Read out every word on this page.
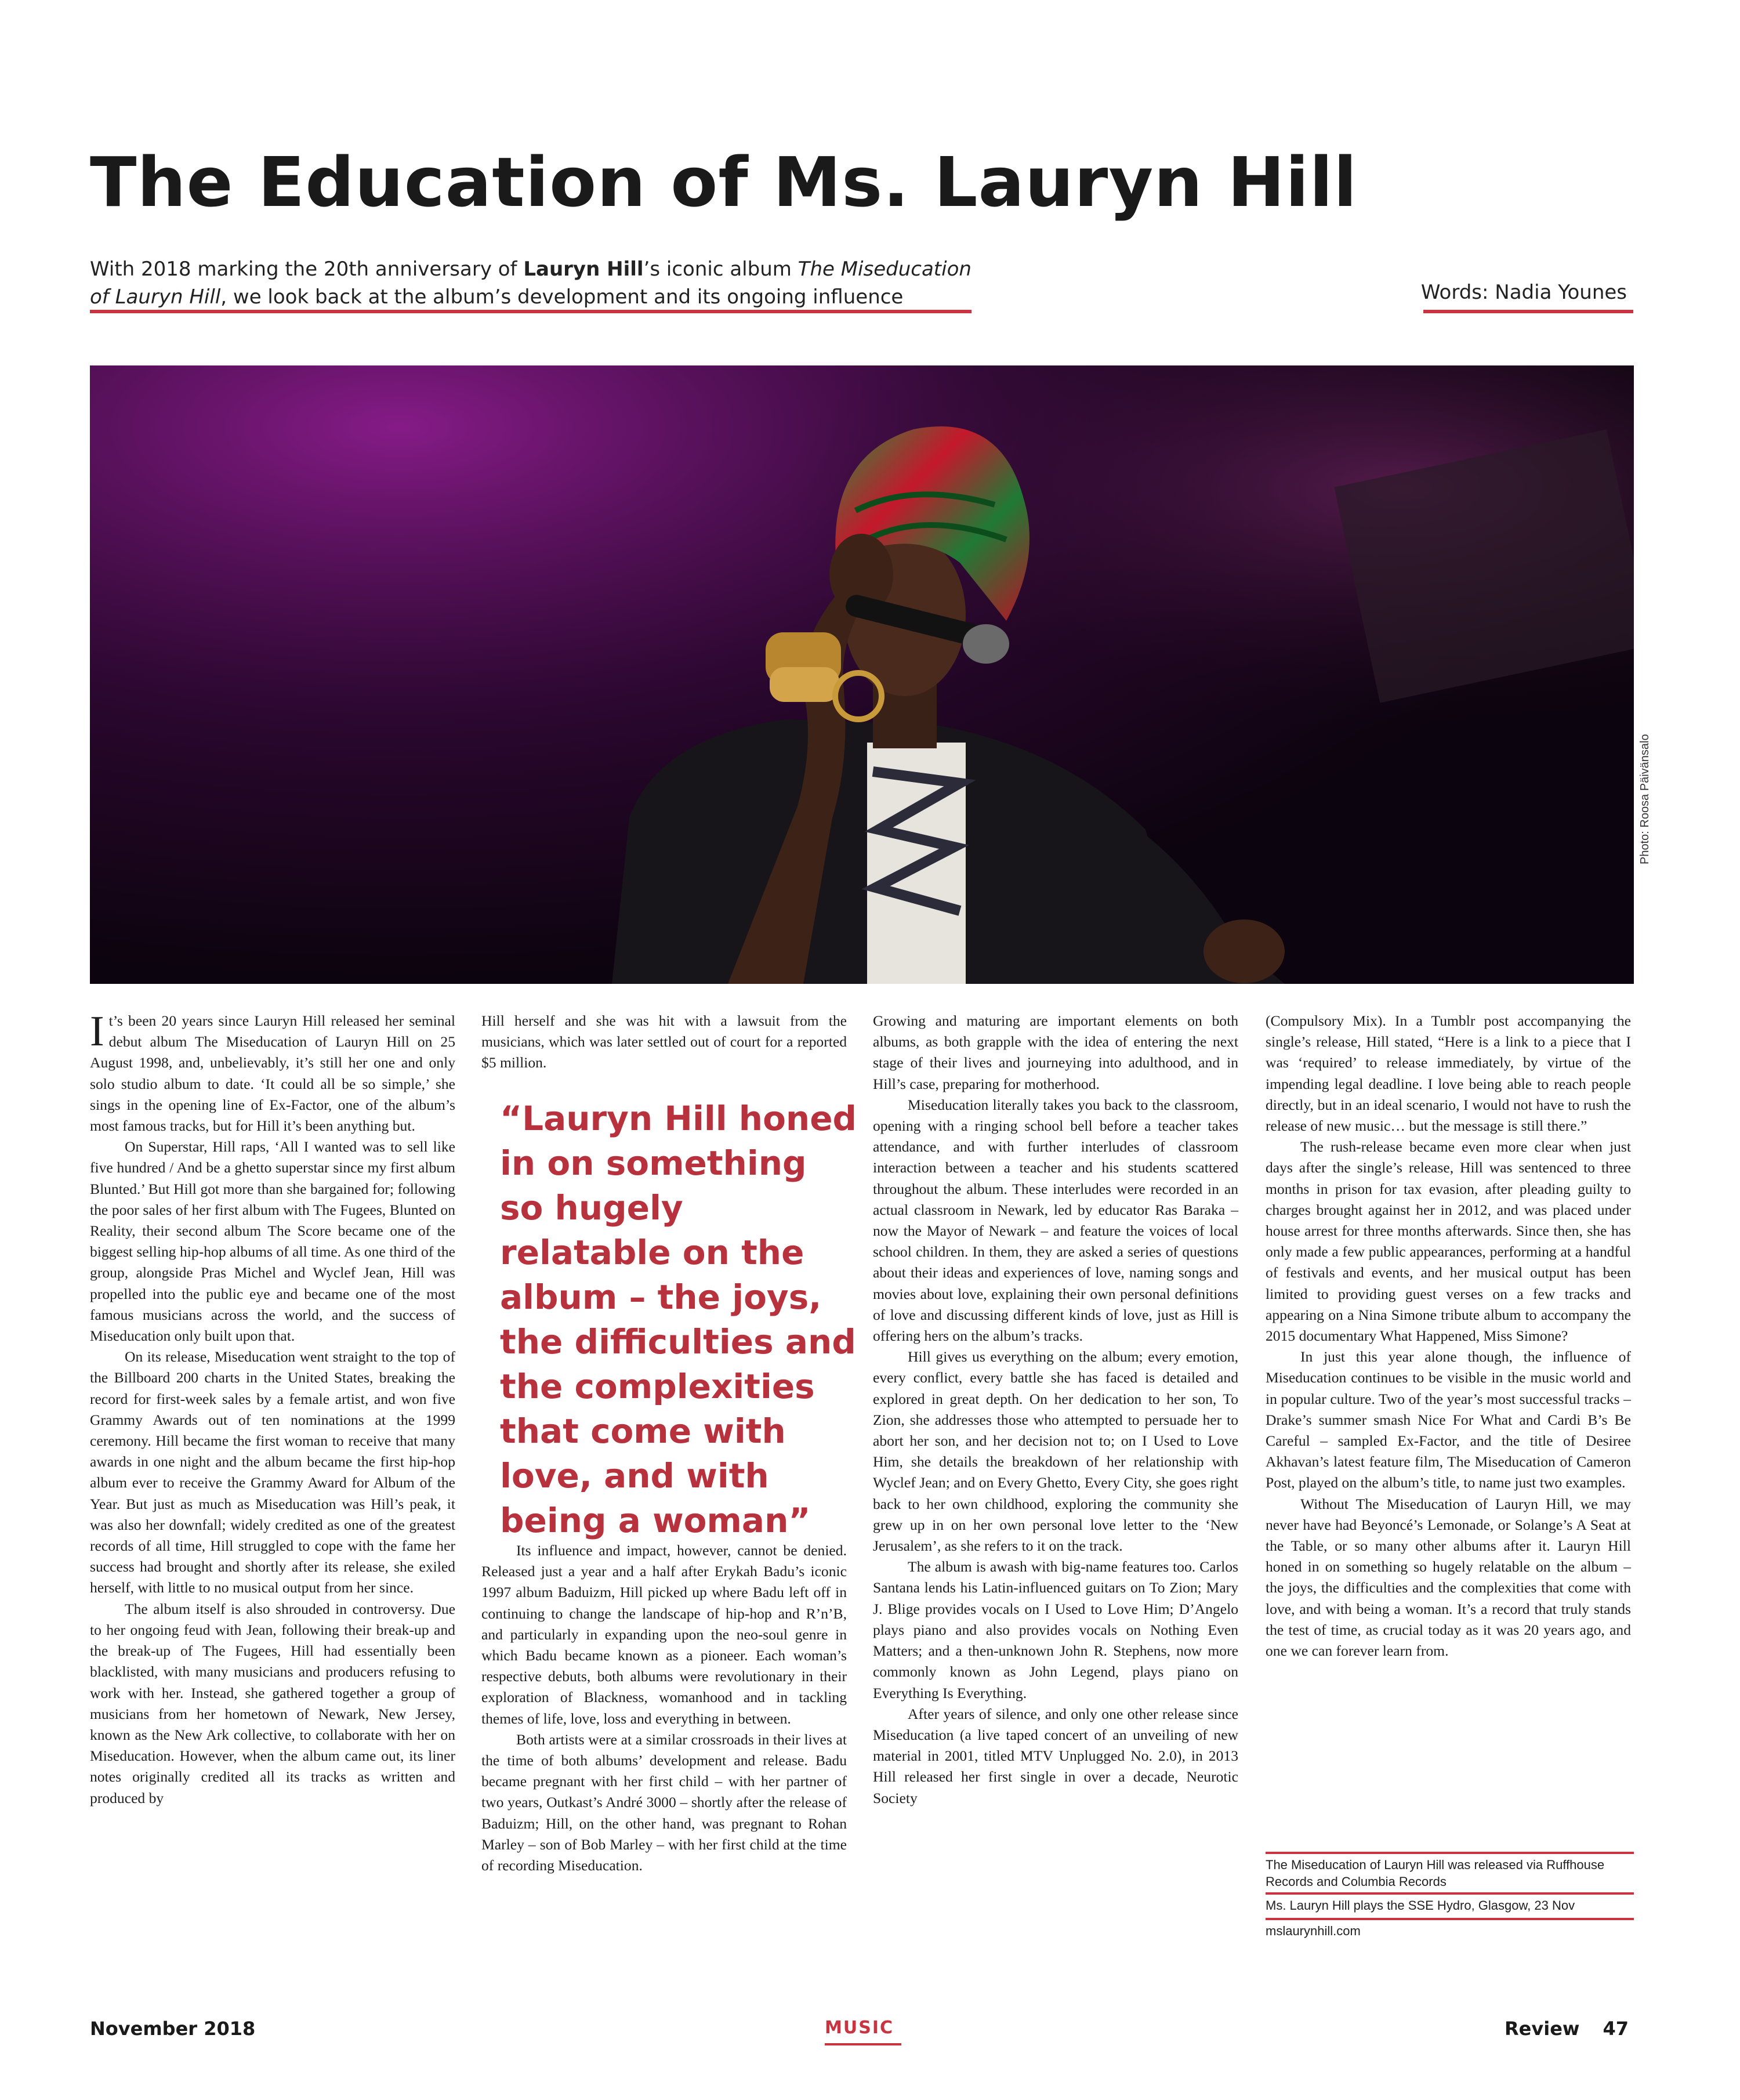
The Education of Ms. Lauryn Hill

With 2018 marking the 20th anniversary of Lauryn Hill’s iconic album The Miseducation of Lauryn Hill, we look back at the album’s development and its ongoing influence	Words: Nadia Younes
Photo: Roosa Päivänsalo

It’s been 20 years since Lauryn Hill released her seminal debut album The Miseducation of Lauryn Hill on 25 August 1998, and, unbelievably, it’s still her one and only solo studio album to date. ‘It could all be so simple,’ she sings in the opening line of Ex-Factor, one of the album’s most famous tracks, but for Hill it’s been anything but.

On Superstar, Hill raps, ‘All I wanted was to sell like five hundred / And be a ghetto superstar since my first album Blunted.’ But Hill got more than she bargained for; following the poor sales of her first album with The Fugees, Blunted on Reality, their second album The Score became one of the biggest selling hip-hop albums of all time. As one third of the group, alongside Pras Michel and Wyclef Jean, Hill was propelled into the public eye and became one of the most famous musicians across the world, and the success of Miseducation only built upon that.

On its release, Miseducation went straight to the top of the Billboard 200 charts in the United States, breaking the record for first-week sales by a female artist, and won five Grammy Awards out of ten nominations at the 1999 ceremony. Hill became the first woman to receive that many awards in one night and the album became the first hip-hop album ever to receive the Grammy Award for Album of the Year. But just as much as Miseducation was Hill’s peak, it was also her downfall; widely credited as one of the greatest records of all time, Hill struggled to cope with the fame her success had brought and shortly after its release, she exiled herself, with little to no musical output from her since.

The album itself is also shrouded in controversy. Due to her ongoing feud with Jean, following their break-up and the break-up of The Fugees, Hill had essentially been blacklisted, with many musicians and producers refusing to work with her. Instead, she gathered together a group of musicians from her hometown of Newark, New Jersey, known as the New Ark collective, to collaborate with her on Miseducation. However, when the album came out, its liner notes originally credited all its tracks as written and produced by

Hill herself and she was hit with a lawsuit from the musicians, which was later settled out of court for a reported $5 million.

“Lauryn Hill honed in on something so hugely relatable on the album – the joys, the difficulties and the complexities that come with love, and with being a woman”

Its influence and impact, however, cannot be denied. Released just a year and a half after Erykah Badu’s iconic 1997 album Baduizm, Hill picked up where Badu left off in continuing to change the landscape of hip-hop and R’n’B, and particularly in expanding upon the neo-soul genre in which Badu became known as a pioneer. Each woman’s respective debuts, both albums were revolutionary in their exploration of Blackness, womanhood and in tackling themes of life, love, loss and everything in between.

Both artists were at a similar crossroads in their lives at the time of both albums’ development and release. Badu became pregnant with her first child – with her partner of two years, Outkast’s André 3000 – shortly after the release of Baduizm; Hill, on the other hand, was pregnant to Rohan Marley – son of Bob Marley – with her first child at the time of recording Miseducation.

Growing and maturing are important elements on both albums, as both grapple with the idea of entering the next stage of their lives and journeying into adulthood, and in Hill’s case, preparing for motherhood.

Miseducation literally takes you back to the classroom, opening with a ringing school bell before a teacher takes attendance, and with further interludes of classroom interaction between a teacher and his students scattered throughout the album. These interludes were recorded in an actual classroom in Newark, led by educator Ras Baraka – now the Mayor of Newark – and feature the voices of local school children. In them, they are asked a series of questions about their ideas and experiences of love, naming songs and movies about love, explaining their own personal definitions of love and discussing different kinds of love, just as Hill is offering hers on the album’s tracks.

Hill gives us everything on the album; every emotion, every conflict, every battle she has faced is detailed and explored in great depth. On her dedication to her son, To Zion, she addresses those who attempted to persuade her to abort her son, and her decision not to; on I Used to Love Him, she details the breakdown of her relationship with Wyclef Jean; and on Every Ghetto, Every City, she goes right back to her own childhood, exploring the community she grew up in on her own personal love letter to the ‘New Jerusalem’, as she refers to it on the track.

The album is awash with big-name features too. Carlos Santana lends his Latin-influenced guitars on To Zion; Mary J. Blige provides vocals on I Used to Love Him; D’Angelo plays piano and also provides vocals on Nothing Even Matters; and a then-unknown John R. Stephens, now more commonly known as John Legend, plays piano on Everything Is Everything.

After years of silence, and only one other release since Miseducation (a live taped concert of an unveiling of new material in 2001, titled MTV Unplugged No. 2.0), in 2013 Hill released her first single in over a decade, Neurotic Society

(Compulsory Mix). In a Tumblr post accompanying the single’s release, Hill stated, “Here is a link to a piece that I was ‘required’ to release immediately, by virtue of the impending legal deadline. I love being able to reach people directly, but in an ideal scenario, I would not have to rush the release of new music… but the message is still there.”

The rush-release became even more clear when just days after the single’s release, Hill was sentenced to three months in prison for tax evasion, after pleading guilty to charges brought against her in 2012, and was placed under house arrest for three months afterwards. Since then, she has only made a few public appearances, performing at a handful of festivals and events, and her musical output has been limited to providing guest verses on a few tracks and appearing on a Nina Simone tribute album to accompany the 2015 documentary What Happened, Miss Simone?

In just this year alone though, the influence of Miseducation continues to be visible in the music world and in popular culture. Two of the year’s most successful tracks – Drake’s summer smash Nice For What and Cardi B’s Be Careful – sampled Ex-Factor, and the title of Desiree Akhavan’s latest feature film, The Miseducation of Cameron Post, played on the album’s title, to name just two examples.

Without The Miseducation of Lauryn Hill, we may never have had Beyoncé’s Lemonade, or Solange’s A Seat at the Table, or so many other albums after it. Lauryn Hill honed in on something so hugely relatable on the album – the joys, the difficulties and the complexities that come with love, and with being a woman. It’s a record that truly stands the test of time, as crucial today as it was 20 years ago, and one we can forever learn from.

The Miseducation of Lauryn Hill was released via Ruffhouse Records and Columbia Records
Ms. Lauryn Hill plays the SSE Hydro, Glasgow, 23 Nov
mslaurynhill.com
November 2018	MUSIC	Review 47
